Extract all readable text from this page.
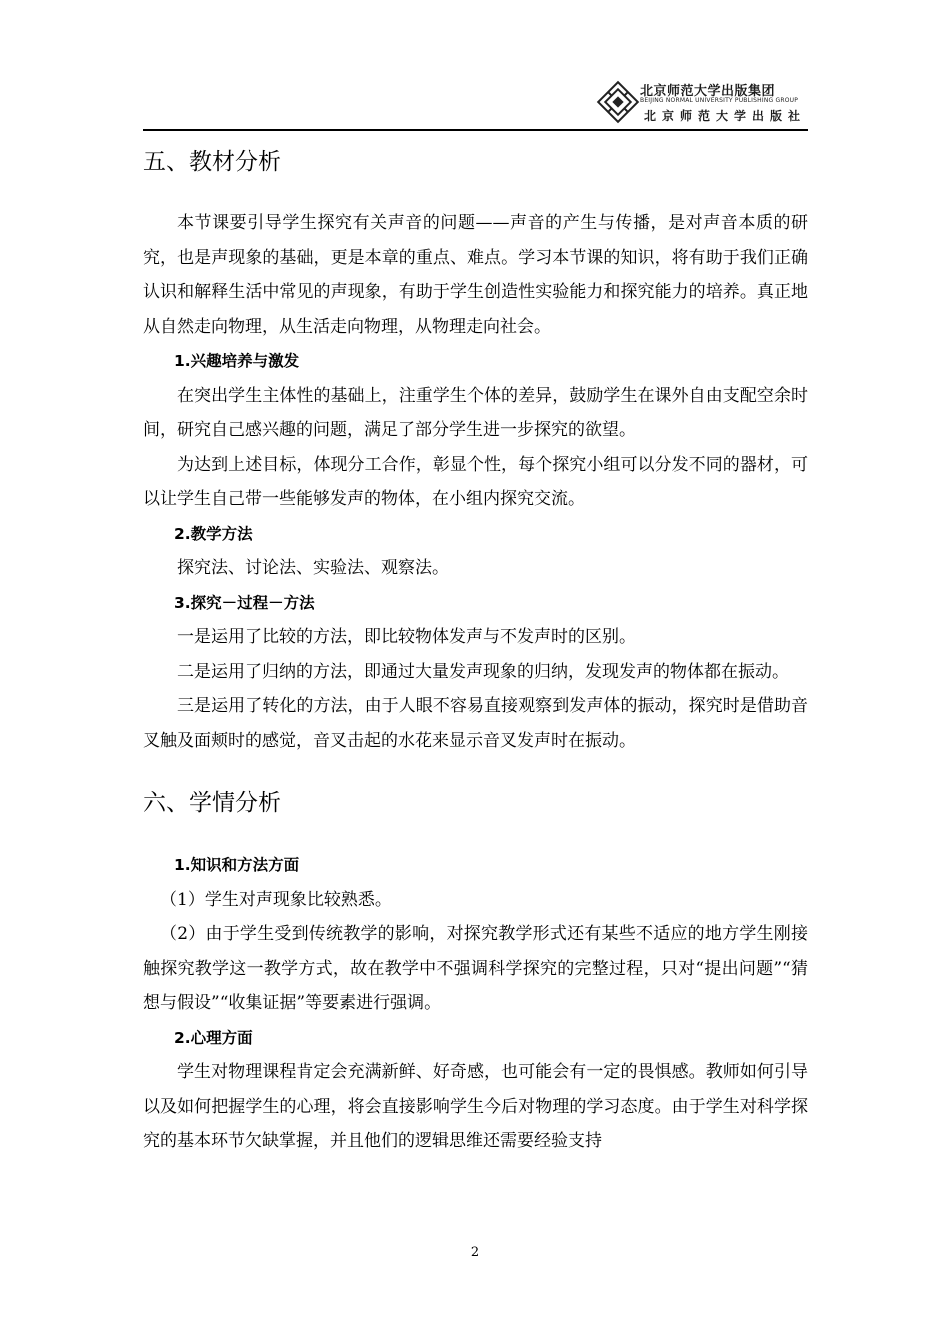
北京师范大学出版集团
BEIJING NORMAL UNIVERSITY PUBLISHING GROUP
北京师范大学出版社
五、教材分析

本节课要引导学生探究有关声音的问题——声音的产生与传播，是对声音本质的研究，也是声现象的基础，更是本章的重点、难点。学习本节课的知识，将有助于我们正确认识和解释生活中常见的声现象，有助于学生创造性实验能力和探究能力的培养。真正地从自然走向物理，从生活走向物理，从物理走向社会。

1.兴趣培养与激发

在突出学生主体性的基础上，注重学生个体的差异，鼓励学生在课外自由支配空余时间，研究自己感兴趣的问题，满足了部分学生进一步探究的欲望。

为达到上述目标，体现分工合作，彰显个性，每个探究小组可以分发不同的器材，可以让学生自己带一些能够发声的物体，在小组内探究交流。

2.教学方法

探究法、讨论法、实验法、观察法。

3.探究－过程－方法

一是运用了比较的方法，即比较物体发声与不发声时的区别。

二是运用了归纳的方法，即通过大量发声现象的归纳，发现发声的物体都在振动。

三是运用了转化的方法，由于人眼不容易直接观察到发声体的振动，探究时是借助音叉触及面颊时的感觉，音叉击起的水花来显示音叉发声时在振动。

六、学情分析

1.知识和方法方面

（1）学生对声现象比较熟悉。

（2）由于学生受到传统教学的影响，对探究教学形式还有某些不适应的地方学生刚接触探究教学这一教学方式，故在教学中不强调科学探究的完整过程，只对“提出问题”“猜想与假设”“收集证据”等要素进行强调。

2.心理方面

学生对物理课程肯定会充满新鲜、好奇感，也可能会有一定的畏惧感。教师如何引导以及如何把握学生的心理，将会直接影响学生今后对物理的学习态度。由于学生对科学探究的基本环节欠缺掌握，并且他们的逻辑思维还需要经验支持

2
